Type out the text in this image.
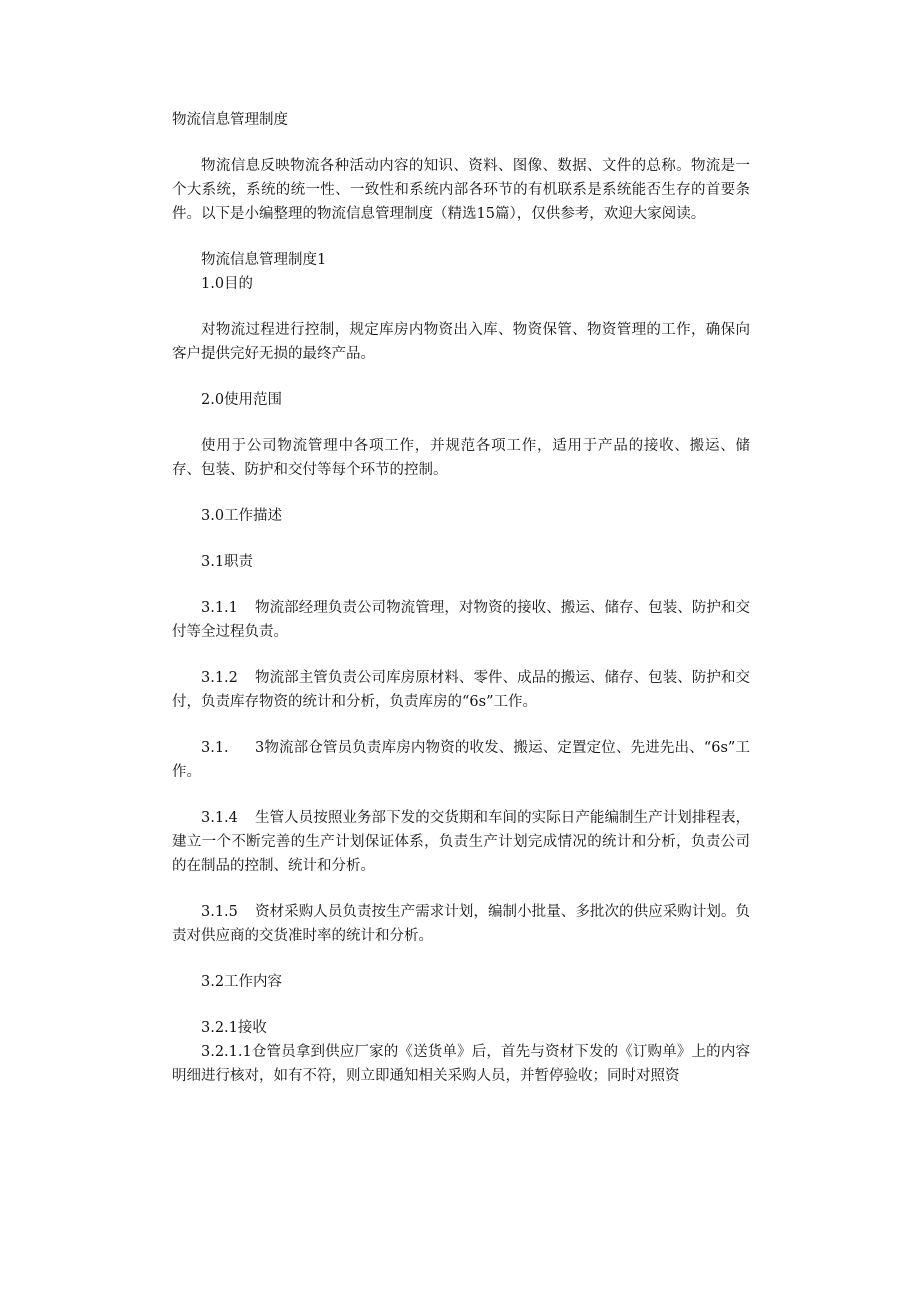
物流信息管理制度

物流信息反映物流各种活动内容的知识、资料、图像、数据、文件的总称。物流是一个大系统，系统的统一性、一致性和系统内部各环节的有机联系是系统能否生存的首要条件。以下是小编整理的物流信息管理制度（精选15篇），仅供参考，欢迎大家阅读。

物流信息管理制度1

1.0目的

对物流过程进行控制，规定库房内物资出入库、物资保管、物资管理的工作，确保向客户提供完好无损的最终产品。

2.0使用范围

使用于公司物流管理中各项工作，并规范各项工作，适用于产品的接收、搬运、储存、包装、防护和交付等每个环节的控制。

3.0工作描述

3.1职责

3.1.1 物流部经理负责公司物流管理，对物资的接收、搬运、储存、包装、防护和交付等全过程负责。

3.1.2 物流部主管负责公司库房原材料、零件、成品的搬运、储存、包装、防护和交付，负责库存物资的统计和分析，负责库房的“6s”工作。

3.1. 3物流部仓管员负责库房内物资的收发、搬运、定置定位、先进先出、“6s”工作。

3.1.4 生管人员按照业务部下发的交货期和车间的实际日产能编制生产计划排程表，建立一个不断完善的生产计划保证体系，负责生产计划完成情况的统计和分析，负责公司的在制品的控制、统计和分析。

3.1.5 资材采购人员负责按生产需求计划，编制小批量、多批次的供应采购计划。负责对供应商的交货准时率的统计和分析。

3.2工作内容

3.2.1接收

3.2.1.1仓管员拿到供应厂家的《送货单》后，首先与资材下发的《订购单》上的内容明细进行核对，如有不符，则立即通知相关采购人员，并暂停验收；同时对照资
